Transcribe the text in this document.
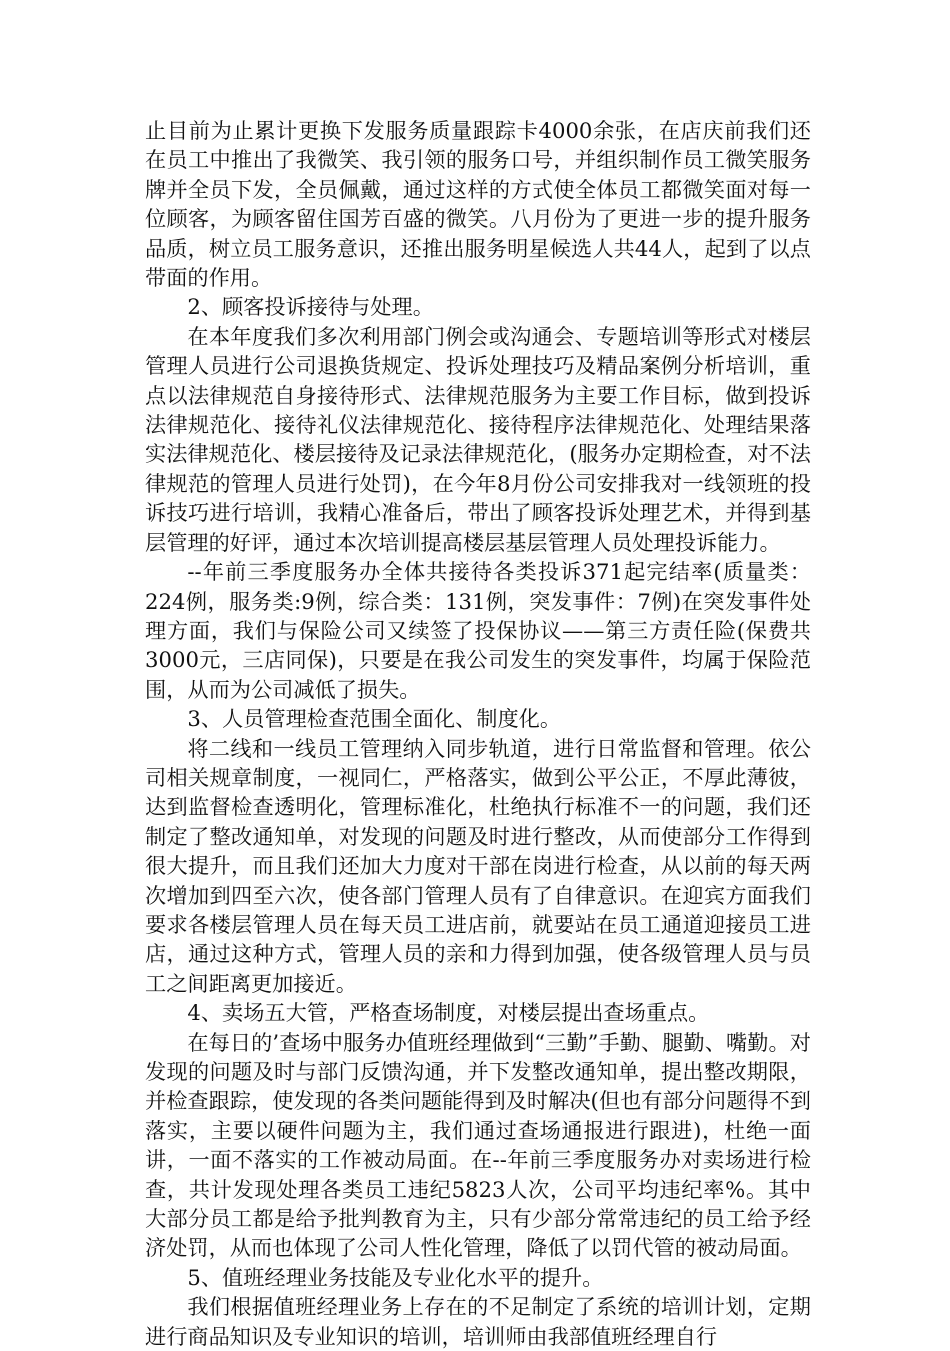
止目前为止累计更换下发服务质量跟踪卡4000余张，在店庆前我们还在员工中推出了我微笑、我引领的服务口号，并组织制作员工微笑服务牌并全员下发，全员佩戴，通过这样的方式使全体员工都微笑面对每一位顾客，为顾客留住国芳百盛的微笑。八月份为了更进一步的提升服务品质，树立员工服务意识，还推出服务明星候选人共44人，起到了以点带面的作用。

2、顾客投诉接待与处理。

在本年度我们多次利用部门例会或沟通会、专题培训等形式对楼层管理人员进行公司退换货规定、投诉处理技巧及精品案例分析培训，重点以法律规范自身接待形式、法律规范服务为主要工作目标，做到投诉法律规范化、接待礼仪法律规范化、接待程序法律规范化、处理结果落实法律规范化、楼层接待及记录法律规范化，(服务办定期检查，对不法律规范的管理人员进行处罚)，在今年8月份公司安排我对一线领班的投诉技巧进行培训，我精心准备后，带出了顾客投诉处理艺术，并得到基层管理的好评，通过本次培训提高楼层基层管理人员处理投诉能力。

--年前三季度服务办全体共接待各类投诉371起完结率(质量类：224例，服务类:9例，综合类：131例，突发事件：7例)在突发事件处理方面，我们与保险公司又续签了投保协议——第三方责任险(保费共3000元，三店同保)，只要是在我公司发生的突发事件，均属于保险范围，从而为公司减低了损失。

3、人员管理检查范围全面化、制度化。

将二线和一线员工管理纳入同步轨道，进行日常监督和管理。依公司相关规章制度，一视同仁，严格落实，做到公平公正，不厚此薄彼，达到监督检查透明化，管理标准化，杜绝执行标准不一的问题，我们还制定了整改通知单，对发现的问题及时进行整改，从而使部分工作得到很大提升，而且我们还加大力度对干部在岗进行检查，从以前的每天两次增加到四至六次，使各部门管理人员有了自律意识。在迎宾方面我们要求各楼层管理人员在每天员工进店前，就要站在员工通道迎接员工进店，通过这种方式，管理人员的亲和力得到加强，使各级管理人员与员工之间距离更加接近。

4、卖场五大管，严格查场制度，对楼层提出查场重点。

在每日的’查场中服务办值班经理做到“三勤”手勤、腿勤、嘴勤。对发现的问题及时与部门反馈沟通，并下发整改通知单，提出整改期限，并检查跟踪，使发现的各类问题能得到及时解决(但也有部分问题得不到落实，主要以硬件问题为主，我们通过查场通报进行跟进)，杜绝一面讲，一面不落实的工作被动局面。在--年前三季度服务办对卖场进行检查，共计发现处理各类员工违纪5823人次，公司平均违纪率%。其中大部分员工都是给予批判教育为主，只有少部分常常违纪的员工给予经济处罚，从而也体现了公司人性化管理，降低了以罚代管的被动局面。

5、值班经理业务技能及专业化水平的提升。

我们根据值班经理业务上存在的不足制定了系统的培训计划，定期进行商品知识及专业知识的培训，培训师由我部值班经理自行
